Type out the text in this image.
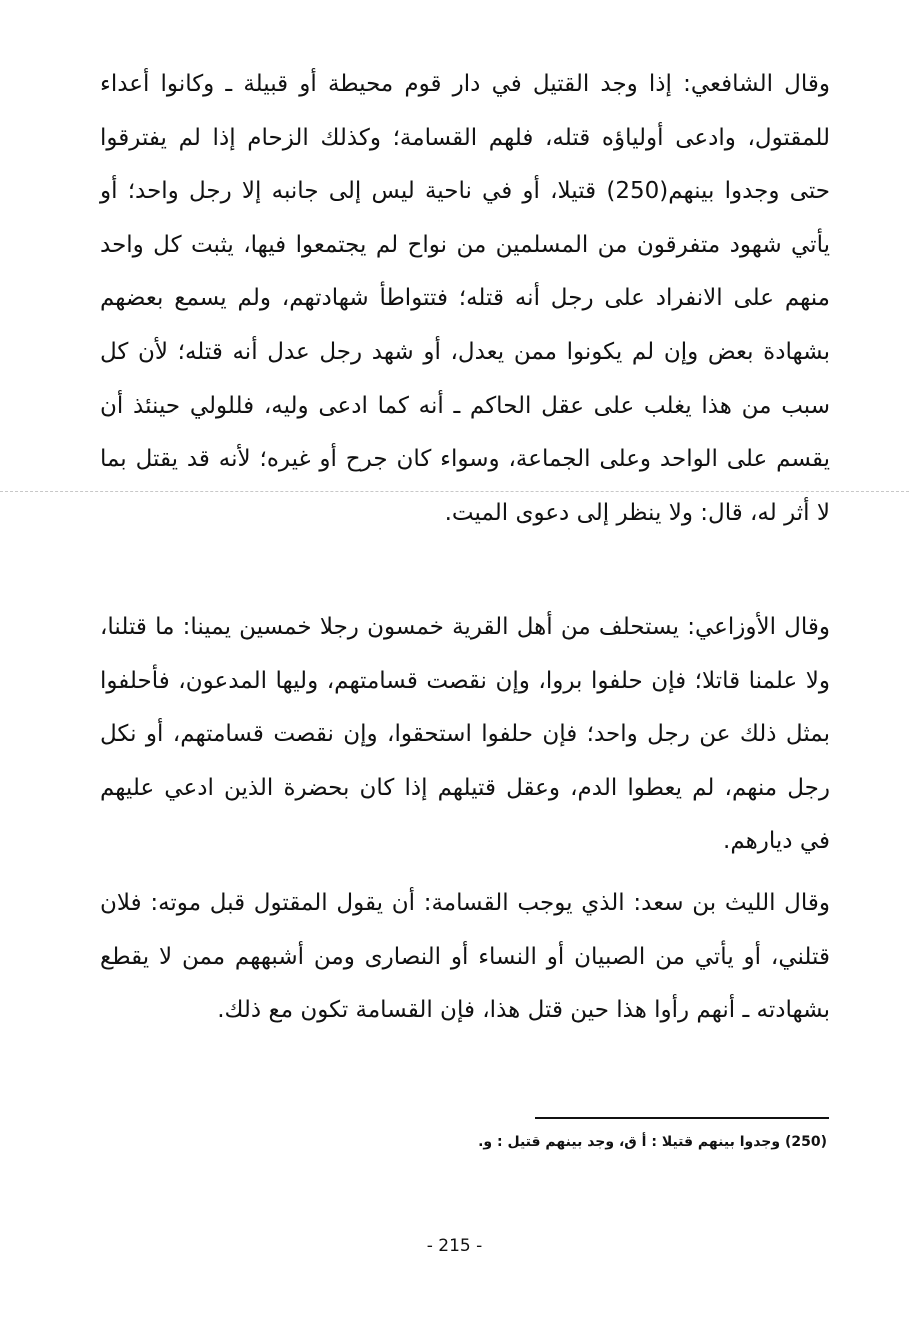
وقال الشافعي: إذا وجد القتيل في دار قوم محيطة أو قبيلة ـ وكانوا أعداء للمقتول، وادعى أولياؤه قتله، فلهم القسامة؛ وكذلك الزحام إذا لم يفترقوا حتى وجدوا بينهم(250) قتيلا، أو في ناحية ليس إلى جانبه إلا رجل واحد؛ أو يأتي شهود متفرقون من المسلمين من نواح لم يجتمعوا فيها، يثبت كل واحد منهم على الانفراد على رجل أنه قتله؛ فتتواطأ شهادتهم، ولم يسمع بعضهم بشهادة بعض وإن لم يكونوا ممن يعدل، أو شهد رجل عدل أنه قتله؛ لأن كل سبب من هذا يغلب على عقل الحاكم ـ أنه كما ادعى وليه، فللولي حينئذ أن يقسم على الواحد وعلى الجماعة، وسواء كان جرح أو غيره؛ لأنه قد يقتل بما لا أثر له، قال: ولا ينظر إلى دعوى الميت.

وقال الأوزاعي: يستحلف من أهل القرية خمسون رجلا خمسين يمينا: ما قتلنا، ولا علمنا قاتلا؛ فإن حلفوا بروا، وإن نقصت قسامتهم، وليها المدعون، فأحلفوا بمثل ذلك عن رجل واحد؛ فإن حلفوا استحقوا، وإن نقصت قسامتهم، أو نكل رجل منهم، لم يعطوا الدم، وعقل قتيلهم إذا كان بحضرة الذين ادعي عليهم في ديارهم.

وقال الليث بن سعد: الذي يوجب القسامة: أن يقول المقتول قبل موته: فلان قتلني، أو يأتي من الصبيان أو النساء أو النصارى ومن أشبههم ممن لا يقطع بشهادته ـ أنهم رأوا هذا حين قتل هذا، فإن القسامة تكون مع ذلك.

(250) وجدوا بينهم قتيلا : أ ق، وجد بينهم قتيل : و.

- 215 -
